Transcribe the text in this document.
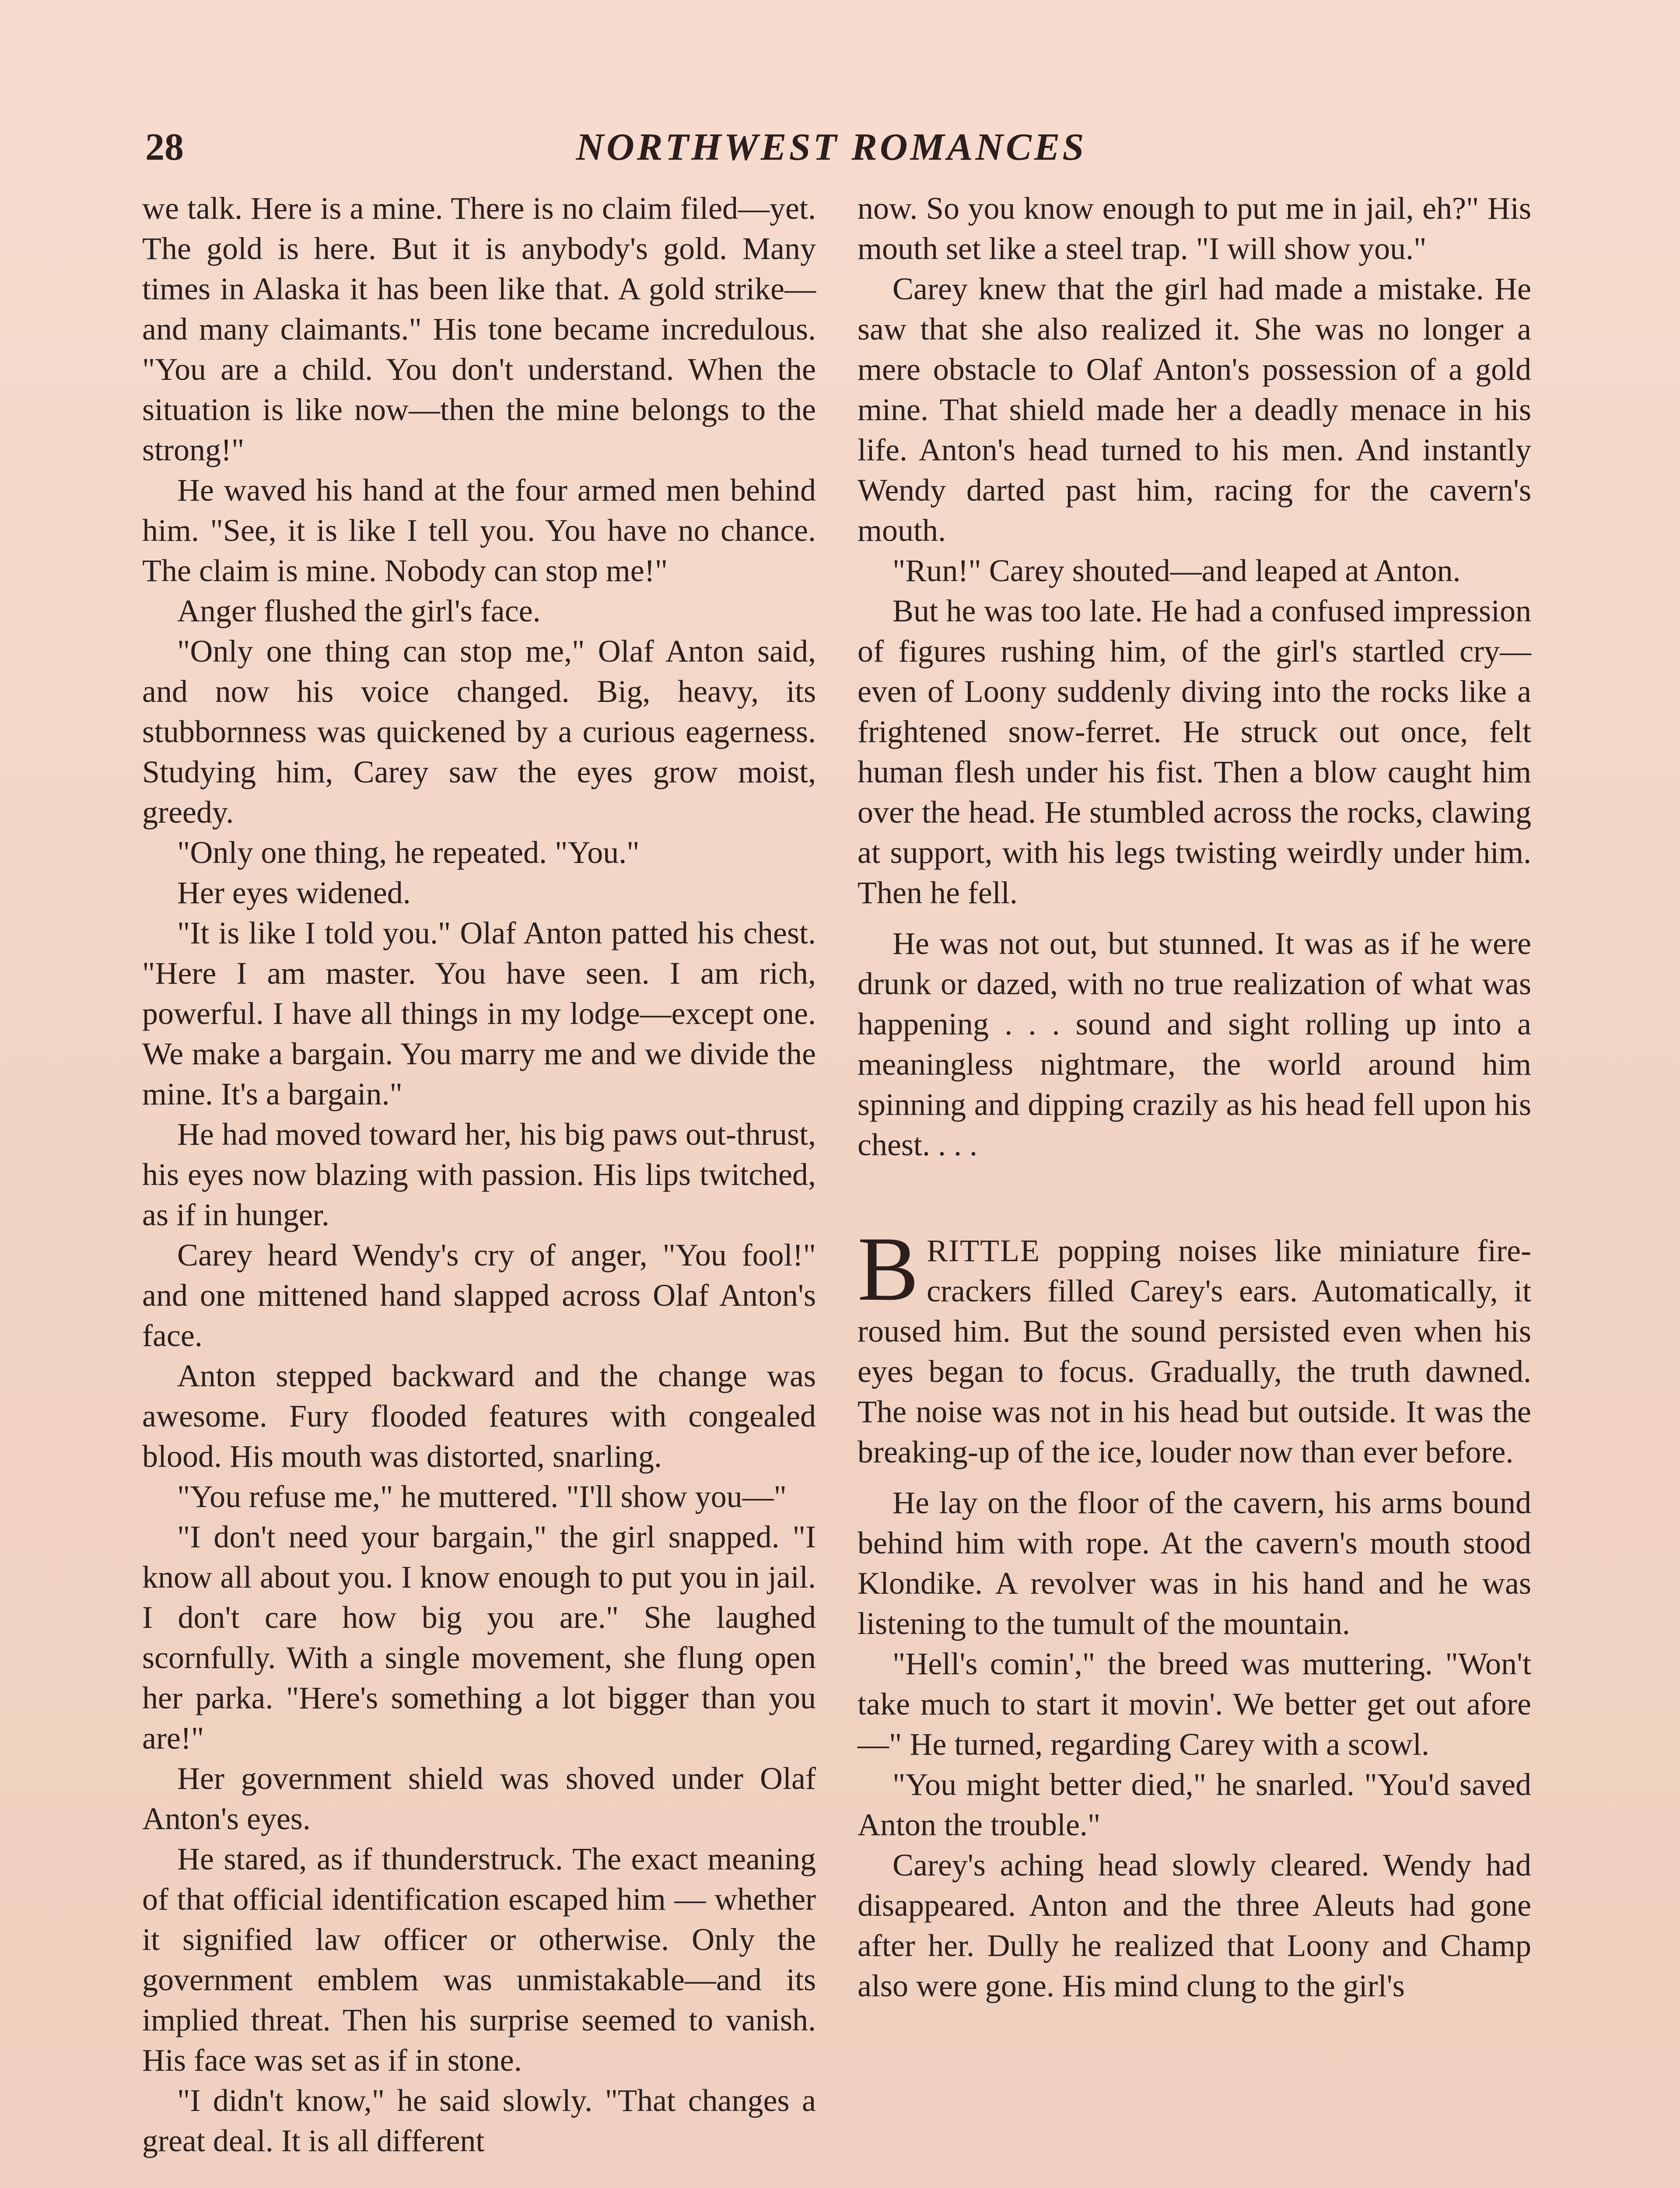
28	NORTHWEST ROMANCES

we talk. Here is a mine. There is no claim filed—yet. The gold is here. But it is anybody's gold. Many times in Alaska it has been like that. A gold strike—and many claimants." His tone became incredulous. "You are a child. You don't understand. When the situation is like now—then the mine belongs to the strong!"

He waved his hand at the four armed men behind him. "See, it is like I tell you. You have no chance. The claim is mine. Nobody can stop me!"

Anger flushed the girl's face.

"Only one thing can stop me," Olaf Anton said, and now his voice changed. Big, heavy, its stubbornness was quickened by a curious eagerness. Studying him, Carey saw the eyes grow moist, greedy.

"Only one thing, he repeated. "You."

Her eyes widened.

"It is like I told you." Olaf Anton patted his chest. "Here I am master. You have seen. I am rich, powerful. I have all things in my lodge—except one. We make a bargain. You marry me and we divide the mine. It's a bargain."

He had moved toward her, his big paws out-thrust, his eyes now blazing with passion. His lips twitched, as if in hunger.

Carey heard Wendy's cry of anger, "You fool!" and one mittened hand slapped across Olaf Anton's face.

Anton stepped backward and the change was awesome. Fury flooded features with congealed blood. His mouth was distorted, snarling.

"You refuse me," he muttered. "I'll show you—"

"I don't need your bargain," the girl snapped. "I know all about you. I know enough to put you in jail. I don't care how big you are." She laughed scornfully. With a single movement, she flung open her parka. "Here's something a lot bigger than you are!"

Her government shield was shoved under Olaf Anton's eyes.

He stared, as if thunderstruck. The exact meaning of that official identification escaped him — whether it signified law officer or otherwise. Only the government emblem was unmistakable—and its implied threat. Then his surprise seemed to vanish. His face was set as if in stone.

"I didn't know," he said slowly. "That changes a great deal. It is all different

now. So you know enough to put me in jail, eh?" His mouth set like a steel trap. "I will show you."

Carey knew that the girl had made a mistake. He saw that she also realized it. She was no longer a mere obstacle to Olaf Anton's possession of a gold mine. That shield made her a deadly menace in his life. Anton's head turned to his men. And instantly Wendy darted past him, racing for the cavern's mouth.

"Run!" Carey shouted—and leaped at Anton.

But he was too late. He had a confused impression of figures rushing him, of the girl's startled cry—even of Loony suddenly diving into the rocks like a frightened snow-ferret. He struck out once, felt human flesh under his fist. Then a blow caught him over the head. He stumbled across the rocks, clawing at support, with his legs twisting weirdly under him. Then he fell.

He was not out, but stunned. It was as if he were drunk or dazed, with no true realization of what was happening . . . sound and sight rolling up into a meaningless nightmare, the world around him spinning and dipping crazily as his head fell upon his chest. . . .

BRITTLE popping noises like miniature fire-crackers filled Carey's ears. Automatically, it roused him. But the sound persisted even when his eyes began to focus. Gradually, the truth dawned. The noise was not in his head but outside. It was the breaking-up of the ice, louder now than ever before.

He lay on the floor of the cavern, his arms bound behind him with rope. At the cavern's mouth stood Klondike. A revolver was in his hand and he was listening to the tumult of the mountain.

"Hell's comin'," the breed was muttering. "Won't take much to start it movin'. We better get out afore—" He turned, regarding Carey with a scowl.

"You might better died," he snarled. "You'd saved Anton the trouble."

Carey's aching head slowly cleared. Wendy had disappeared. Anton and the three Aleuts had gone after her. Dully he realized that Loony and Champ also were gone. His mind clung to the girl's
